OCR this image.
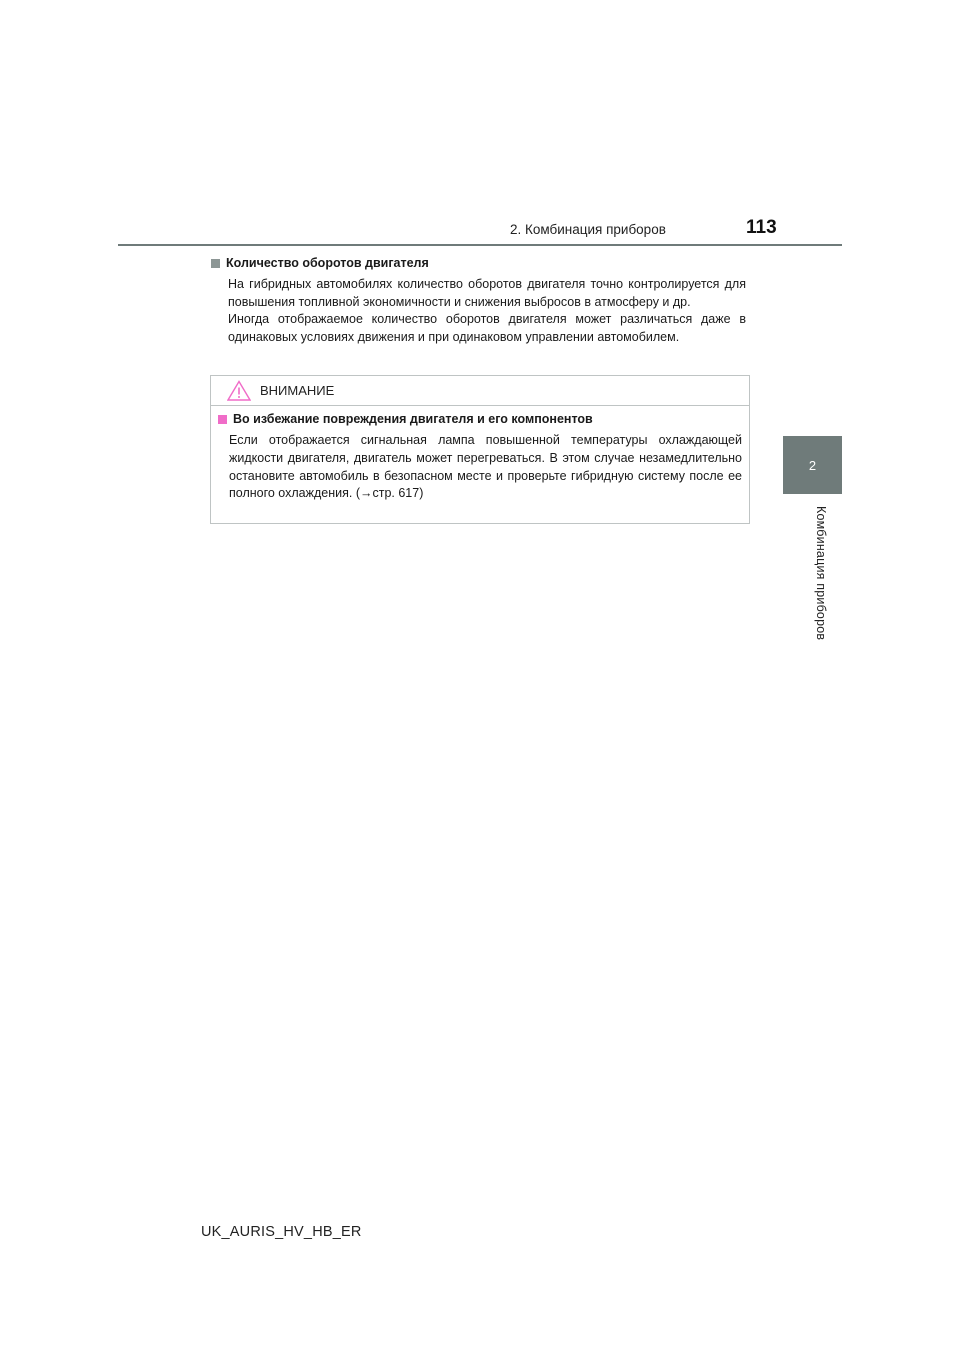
2. Комбинация приборов	113
2
Комбинация приборов
Количество оборотов двигателя

На гибридных автомобилях количество оборотов двигателя точно контролируется для повышения топливной экономичности и снижения выбросов в атмосферу и др.

Иногда отображаемое количество оборотов двигателя может различаться даже в одинаковых условиях движения и при одинаковом управлении автомобилем.

ВНИМАНИЕ
Во избежание повреждения двигателя и его компонентов

Если отображается сигнальная лампа повышенной температуры охлаждающей жидкости двигателя, двигатель может перегреваться. В этом случае незамедлительно остановите автомобиль в безопасном месте и проверьте гибридную систему после ее полного охлаждения. (→стр. 617)

UK_AURIS_HV_HB_ER
